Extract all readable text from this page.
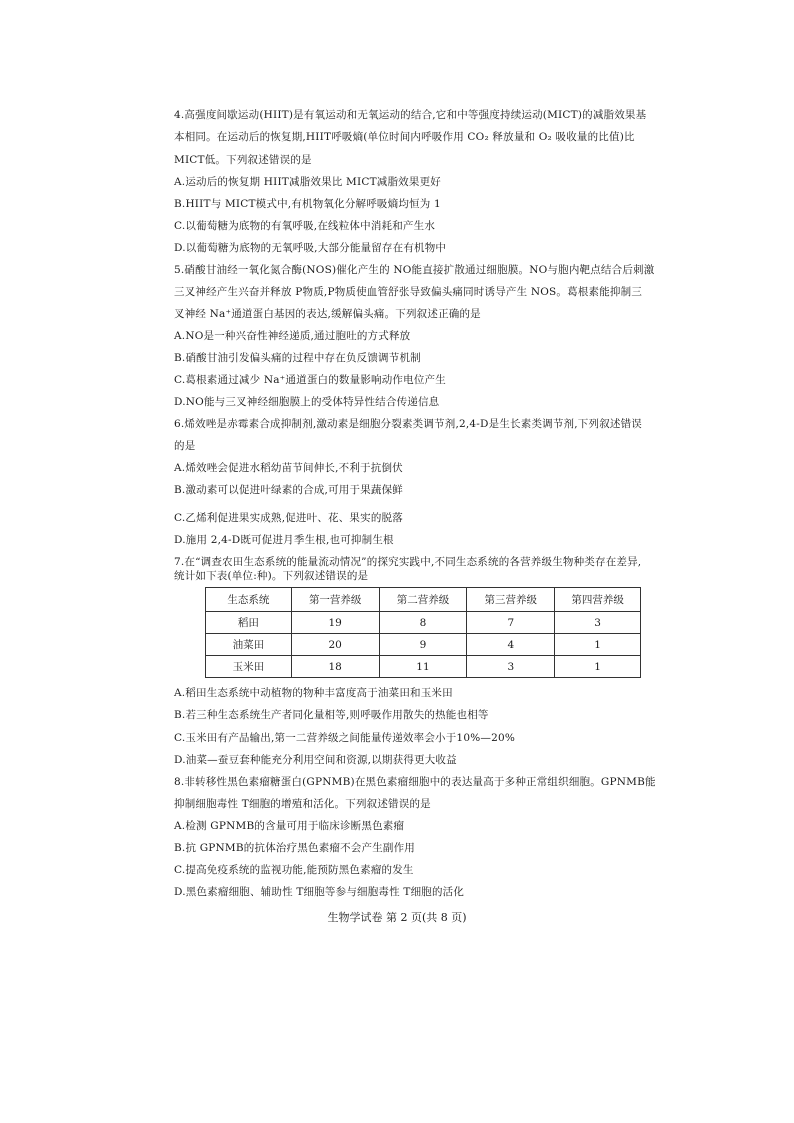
4.高强度间歇运动(HIIT)是有氧运动和无氧运动的结合,它和中等强度持续运动(MICT)的减脂效果基
本相同。在运动后的恢复期,HIIT呼吸熵(单位时间内呼吸作用 CO₂ 释放量和 O₂ 吸收量的比值)比
MICT低。下列叙述错误的是
A.运动后的恢复期 HIIT减脂效果比 MICT减脂效果更好
B.HIIT与 MICT模式中,有机物氧化分解呼吸熵均恒为 1
C.以葡萄糖为底物的有氧呼吸,在线粒体中消耗和产生水
D.以葡萄糖为底物的无氧呼吸,大部分能量留存在有机物中
5.硝酸甘油经一氧化氮合酶(NOS)催化产生的 NO能直接扩散通过细胞膜。NO与胞内靶点结合后刺激
三叉神经产生兴奋并释放 P物质,P物质使血管舒张导致偏头痛同时诱导产生 NOS。葛根素能抑制三
叉神经 Na⁺通道蛋白基因的表达,缓解偏头痛。下列叙述正确的是
A.NO是一种兴奋性神经递质,通过胞吐的方式释放
B.硝酸甘油引发偏头痛的过程中存在负反馈调节机制
C.葛根素通过减少 Na⁺通道蛋白的数量影响动作电位产生
D.NO能与三叉神经细胞膜上的受体特异性结合传递信息
6.烯效唑是赤霉素合成抑制剂,激动素是细胞分裂素类调节剂,2,4-D是生长素类调节剂,下列叙述错误
的是
A.烯效唑会促进水稻幼苗节间伸长,不利于抗倒伏
B.激动素可以促进叶绿素的合成,可用于果蔬保鲜
C.乙烯利促进果实成熟,促进叶、花、果实的脱落
D.施用 2,4-D既可促进月季生根,也可抑制生根
7.在“调查农田生态系统的能量流动情况”的探究实践中,不同生态系统的各营养级生物种类存在差异,
统计如下表(单位:种)。下列叙述错误的是
生态系统	第一营养级	第二营养级	第三营养级	第四营养级
稻田	19	8	7	3
油菜田	20	9	4	1
玉米田	18	11	3	1
A.稻田生态系统中动植物的物种丰富度高于油菜田和玉米田
B.若三种生态系统生产者同化量相等,则呼吸作用散失的热能也相等
C.玉米田有产品输出,第一二营养级之间能量传递效率会小于10%—20%
D.油菜—蚕豆套种能充分利用空间和资源,以期获得更大收益
8.非转移性黑色素瘤糖蛋白(GPNMB)在黑色素瘤细胞中的表达量高于多种正常组织细胞。GPNMB能
抑制细胞毒性 T细胞的增殖和活化。下列叙述错误的是
A.检测 GPNMB的含量可用于临床诊断黑色素瘤
B.抗 GPNMB的抗体治疗黑色素瘤不会产生副作用
C.提高免疫系统的监视功能,能预防黑色素瘤的发生
D.黑色素瘤细胞、辅助性 T细胞等参与细胞毒性 T细胞的活化
生物学试卷 第 2 页(共 8 页)
